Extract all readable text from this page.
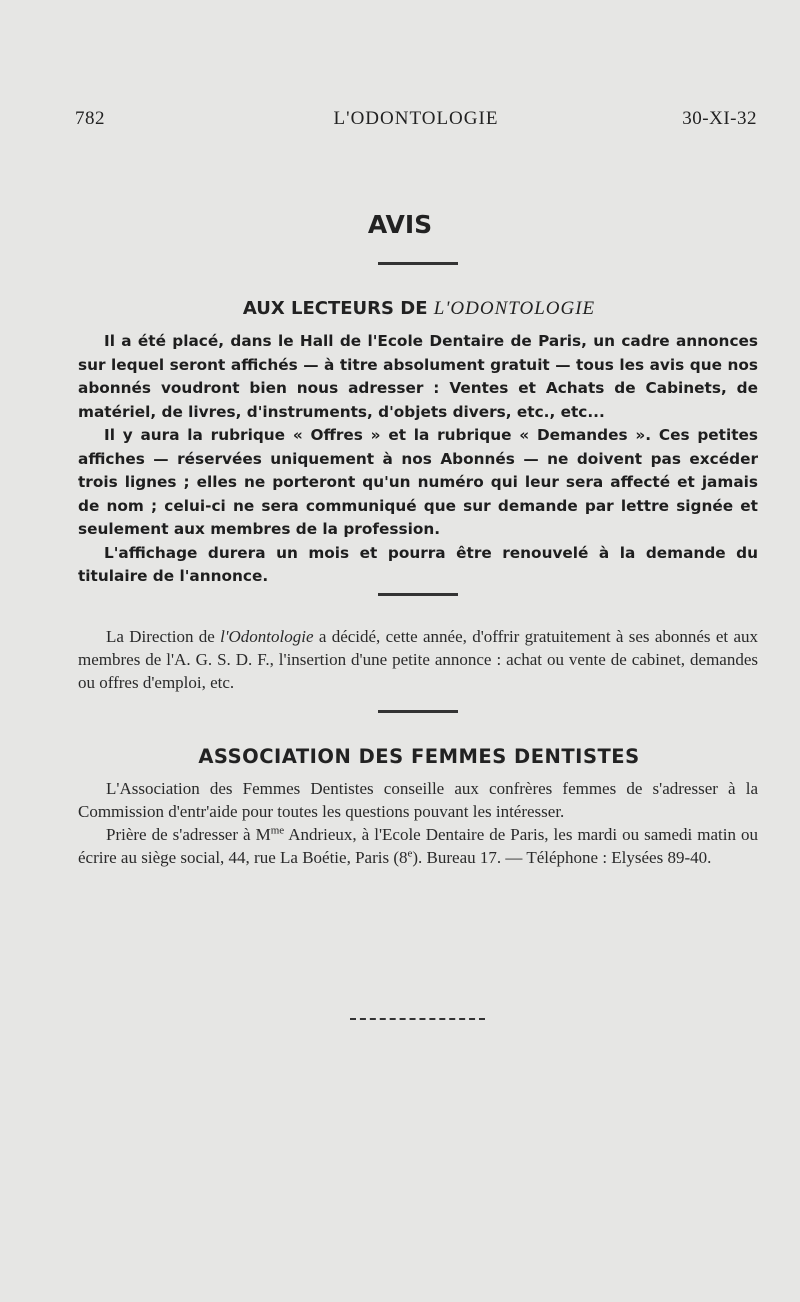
782	L'ODONTOLOGIE	30-XI-32
AVIS
AUX LECTEURS DE L'ODONTOLOGIE

Il a été placé, dans le Hall de l'Ecole Dentaire de Paris, un cadre annonces sur lequel seront affichés — à titre absolument gratuit — tous les avis que nos abonnés voudront bien nous adresser : Ventes et Achats de Cabinets, de matériel, de livres, d'instruments, d'objets divers, etc., etc...

Il y aura la rubrique « Offres » et la rubrique « Demandes ». Ces petites affiches — réservées uniquement à nos Abonnés — ne doivent pas excéder trois lignes ; elles ne porteront qu'un numéro qui leur sera affecté et jamais de nom ; celui-ci ne sera communiqué que sur demande par lettre signée et seulement aux membres de la profession.

L'affichage durera un mois et pourra être renouvelé à la demande du titulaire de l'annonce.

La Direction de l'Odontologie a décidé, cette année, d'offrir gratuitement à ses abonnés et aux membres de l'A. G. S. D. F., l'insertion d'une petite annonce : achat ou vente de cabinet, demandes ou offres d'emploi, etc.

ASSOCIATION DES FEMMES DENTISTES

L'Association des Femmes Dentistes conseille aux confrères femmes de s'adresser à la Commission d'entr'aide pour toutes les questions pouvant les intéresser.

Prière de s'adresser à $M^{me}$ Andrieux, à l'Ecole Dentaire de Paris, les mardi ou samedi matin ou écrire au siège social, 44, rue La Boétie, Paris (8e). Bureau 17. — Téléphone : Elysées 89-40.
